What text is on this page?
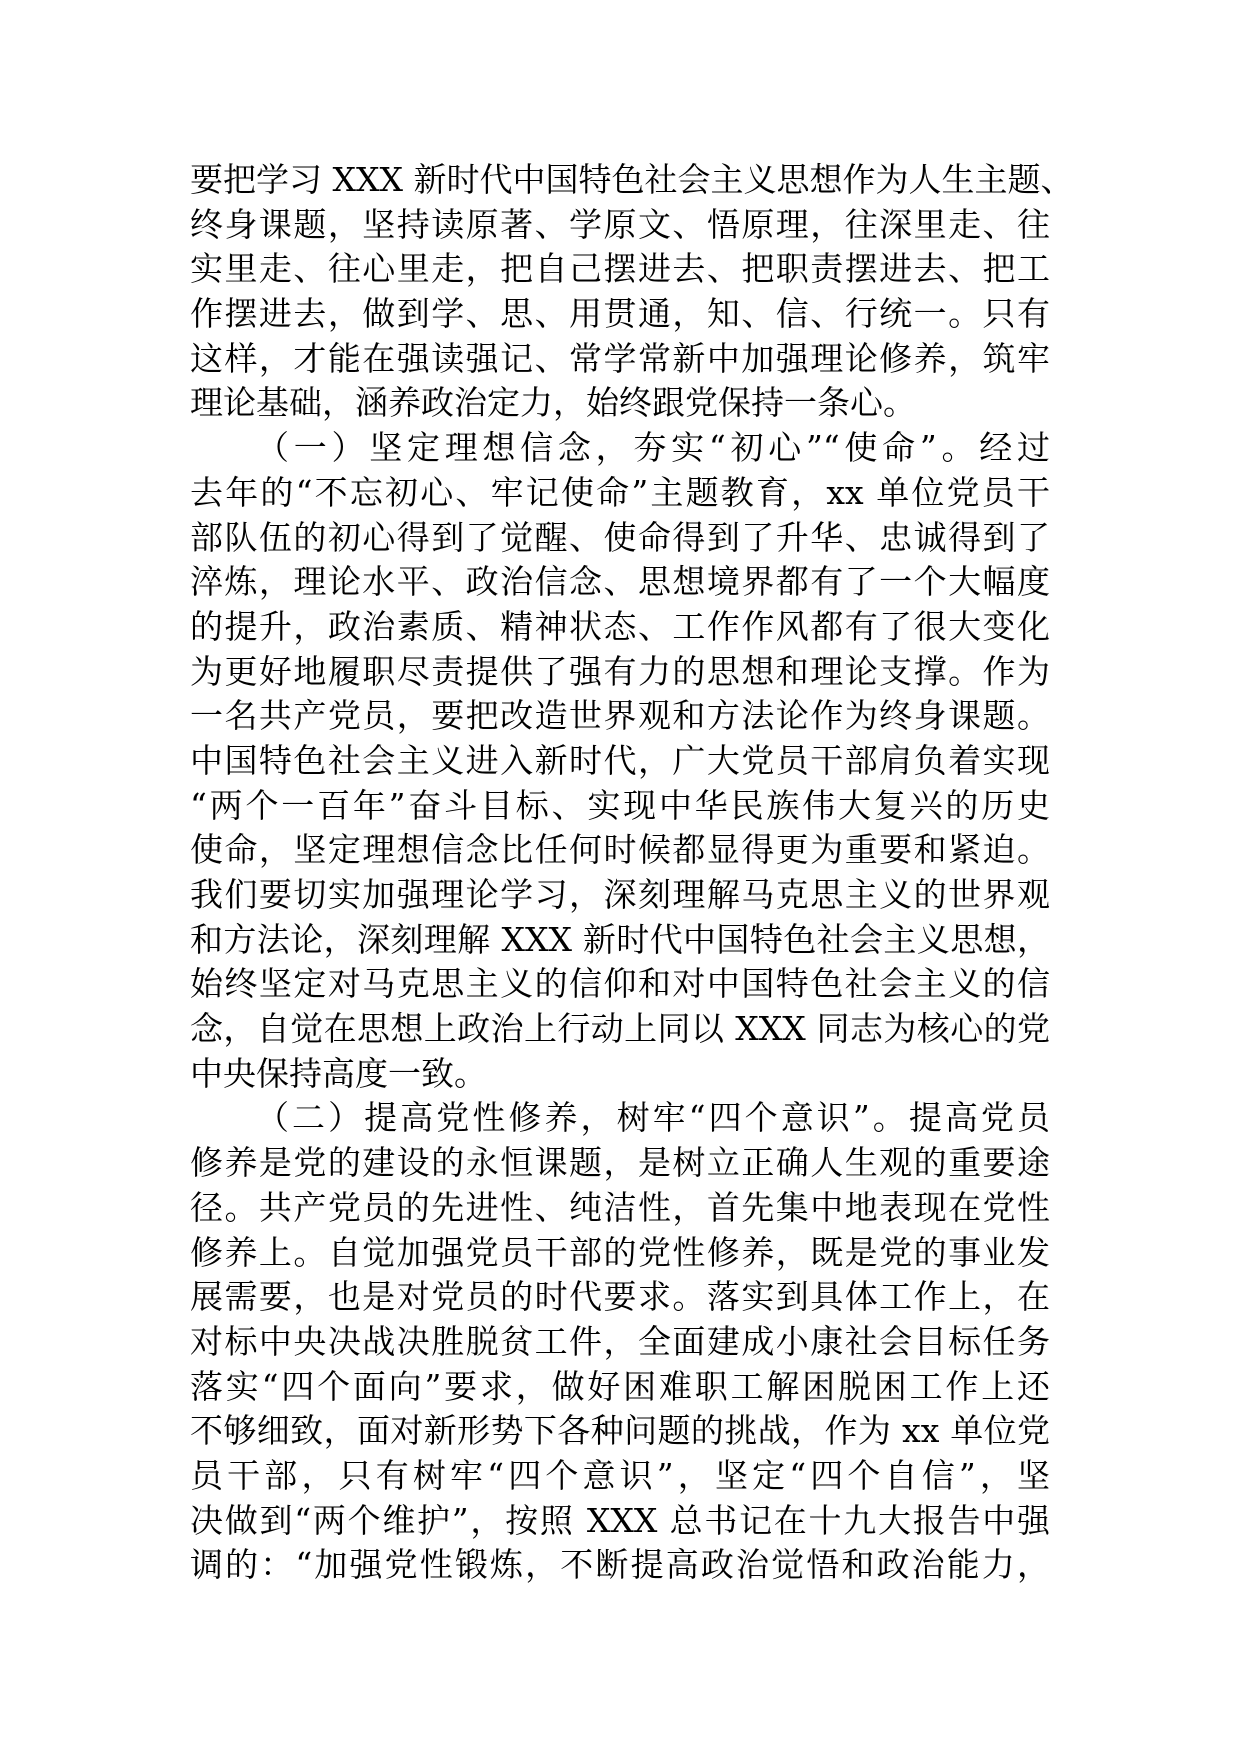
要把学习 XXX 新时代中国特色社会主义思想作为人生主题、
终身课题，坚持读原著、学原文、悟原理，往深里走、往
实里走、往心里走，把自己摆进去、把职责摆进去、把工
作摆进去，做到学、思、用贯通，知、信、行统一。只有
这样，才能在强读强记、常学常新中加强理论修养，筑牢
理论基础，涵养政治定力，始终跟党保持一条心。
（一）坚定理想信念，夯实“初心”“使命”。经过
去年的“不忘初心、牢记使命”主题教育，xx 单位党员干
部队伍的初心得到了觉醒、使命得到了升华、忠诚得到了
淬炼，理论水平、政治信念、思想境界都有了一个大幅度
的提升，政治素质、精神状态、工作作风都有了很大变化
为更好地履职尽责提供了强有力的思想和理论支撑。作为
一名共产党员，要把改造世界观和方法论作为终身课题。
中国特色社会主义进入新时代，广大党员干部肩负着实现
“两个一百年”奋斗目标、实现中华民族伟大复兴的历史
使命，坚定理想信念比任何时候都显得更为重要和紧迫。
我们要切实加强理论学习，深刻理解马克思主义的世界观
和方法论，深刻理解 XXX 新时代中国特色社会主义思想，
始终坚定对马克思主义的信仰和对中国特色社会主义的信
念，自觉在思想上政治上行动上同以 XXX 同志为核心的党
中央保持高度一致。
（二）提高党性修养，树牢“四个意识”。提高党员
修养是党的建设的永恒课题，是树立正确人生观的重要途
径。共产党员的先进性、纯洁性，首先集中地表现在党性
修养上。自觉加强党员干部的党性修养，既是党的事业发
展需要，也是对党员的时代要求。落实到具体工作上，在
对标中央决战决胜脱贫工件，全面建成小康社会目标任务
落实“四个面向”要求，做好困难职工解困脱困工作上还
不够细致，面对新形势下各种问题的挑战，作为 xx 单位党
员干部，只有树牢“四个意识”，坚定“四个自信”，坚
决做到“两个维护”，按照 XXX 总书记在十九大报告中强
调的：“加强党性锻炼，不断提高政治觉悟和政治能力，
